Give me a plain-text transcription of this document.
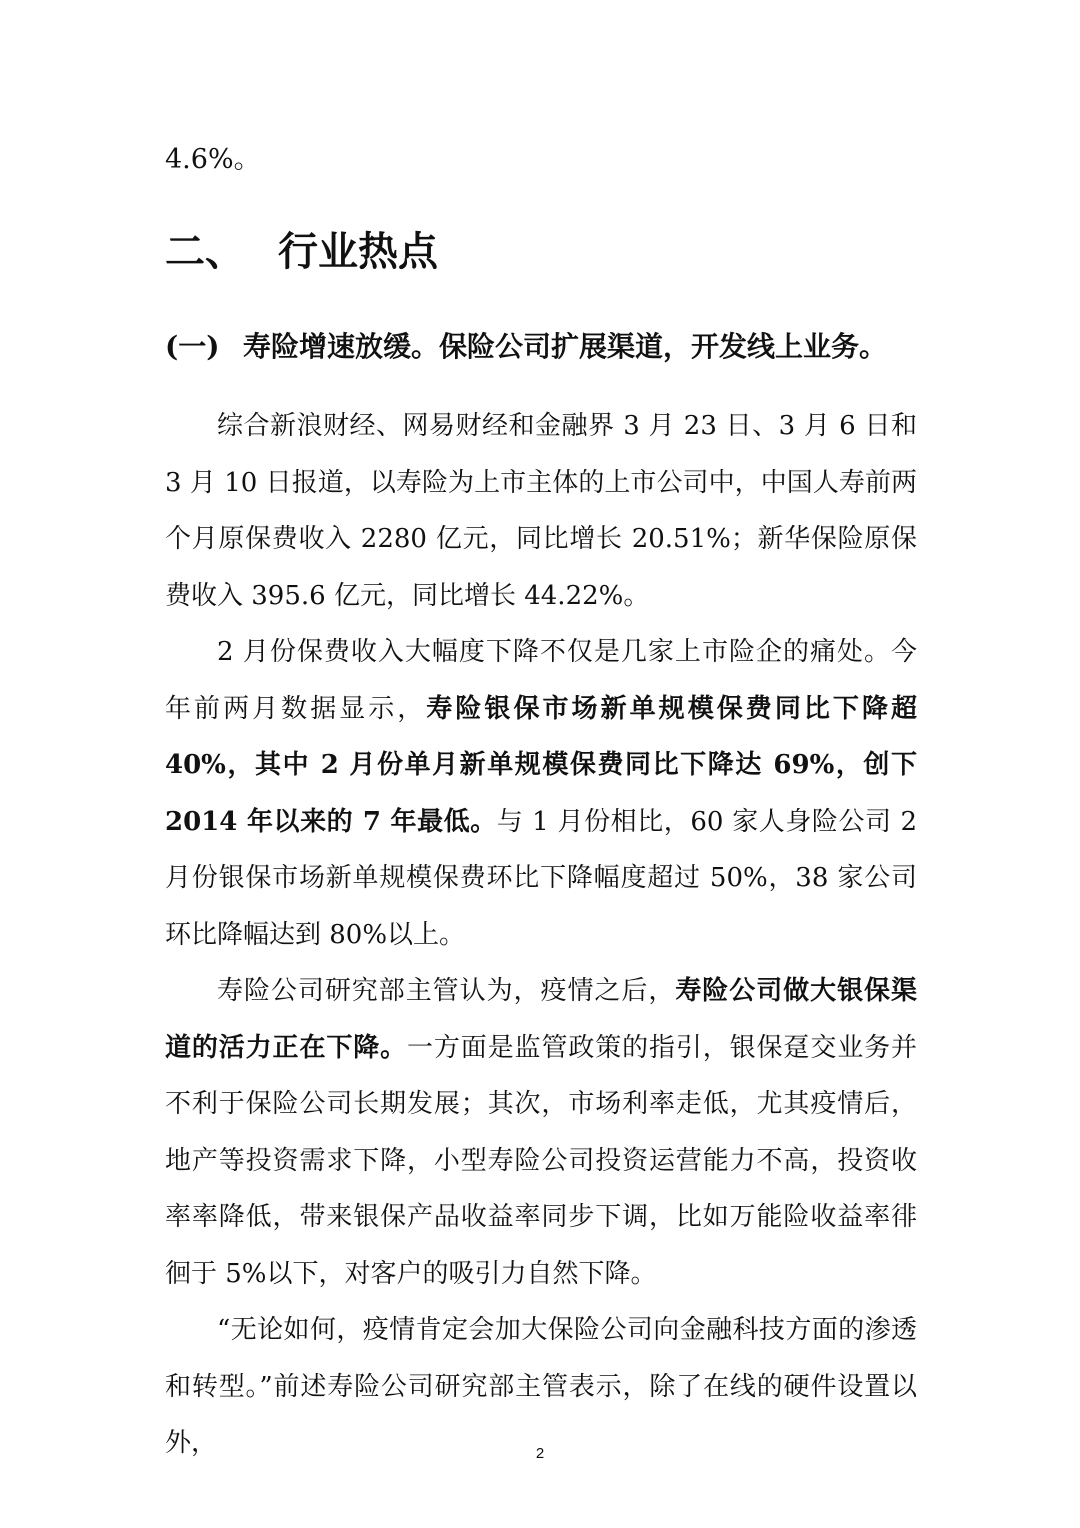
4.6%。

二、 行业热点
(一) 寿险增速放缓。保险公司扩展渠道，开发线上业务。

综合新浪财经、网易财经和金融界 3 月 23 日、3 月 6 日和 3 月 10 日报道，以寿险为上市主体的上市公司中，中国人寿前两个月原保费收入 2280 亿元，同比增长 20.51%；新华保险原保费收入 395.6 亿元，同比增长 44.22%。

2 月份保费收入大幅度下降不仅是几家上市险企的痛处。今年前两月数据显示，寿险银保市场新单规模保费同比下降超 40%，其中 2 月份单月新单规模保费同比下降达 69%，创下 2014 年以来的 7 年最低。与 1 月份相比，60 家人身险公司 2 月份银保市场新单规模保费环比下降幅度超过 50%，38 家公司环比降幅达到 80%以上。

寿险公司研究部主管认为，疫情之后，寿险公司做大银保渠道的活力正在下降。一方面是监管政策的指引，银保趸交业务并不利于保险公司长期发展；其次，市场利率走低，尤其疫情后，地产等投资需求下降，小型寿险公司投资运营能力不高，投资收率率降低，带来银保产品收益率同步下调，比如万能险收益率徘徊于 5%以下，对客户的吸引力自然下降。

“无论如何，疫情肯定会加大保险公司向金融科技方面的渗透和转型。”前述寿险公司研究部主管表示，除了在线的硬件设置以外，	2
